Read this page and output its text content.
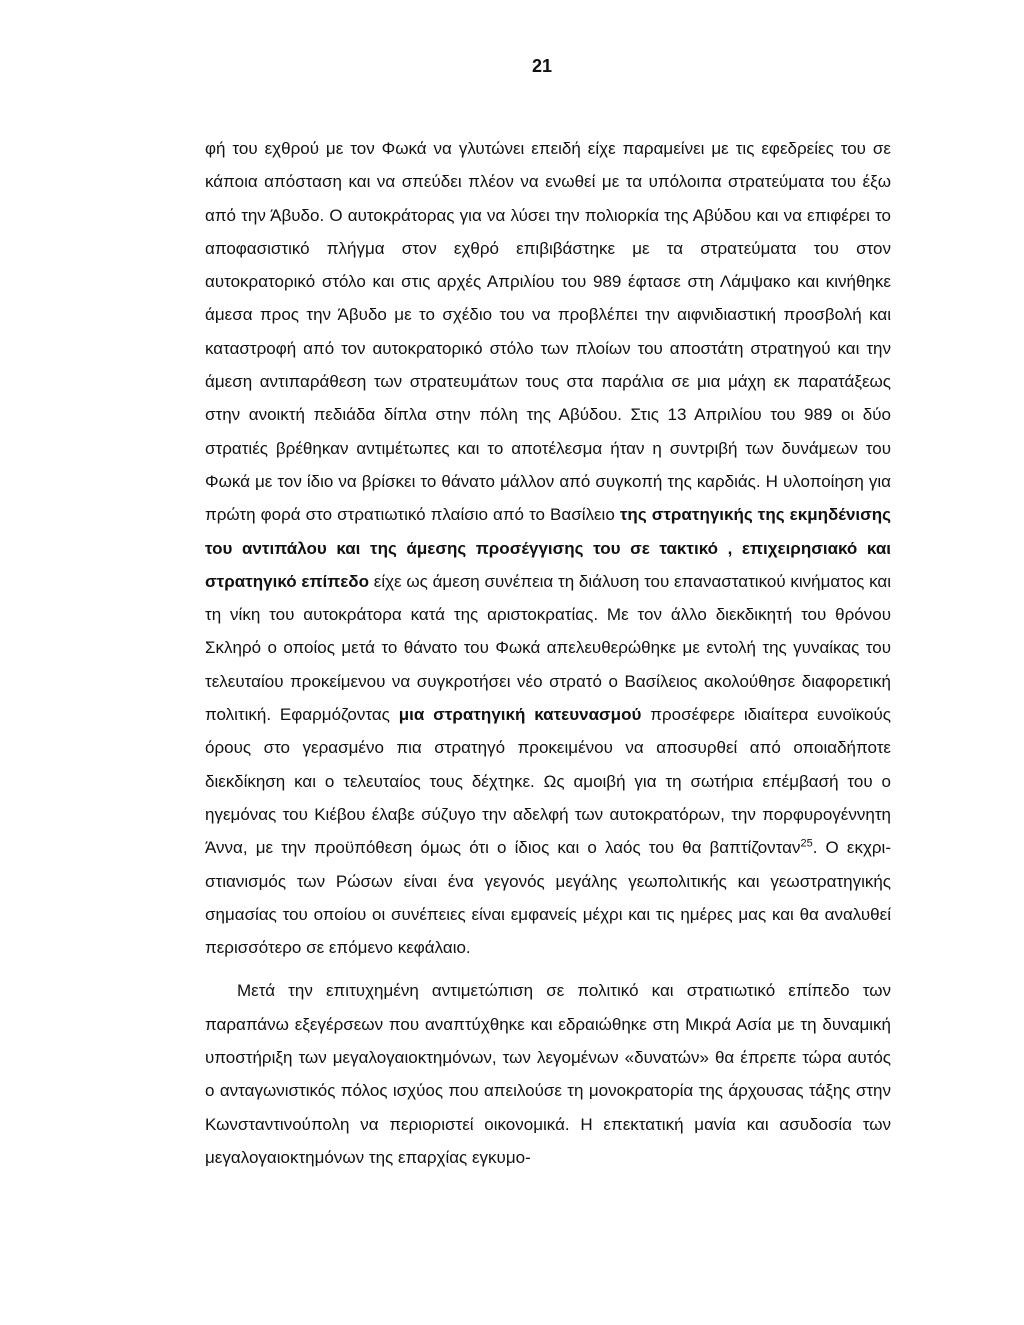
21

φή του εχθρού με τον Φωκά να γλυτώνει επειδή είχε παραμείνει με τις εφεδρείες του σε κάποια απόσταση και να σπεύδει πλέον να ενωθεί με τα υπόλοιπα στρατεύματα του έξω από την Άβυδο. Ο αυτοκράτορας για να λύσει την πολιορκία της Αβύδου και να επιφέρει το αποφασιστικό πλήγμα στον εχθρό επιβιβάστηκε με τα στρατεύματα του στον αυτοκρατορικό στόλο και στις αρχές Απριλίου του 989 έφτασε στη Λάμψακο και κινήθηκε άμεσα προς την Άβυδο με το σχέδιο του να προβλέπει την αιφνιδιαστική προσβολή και καταστροφή από τον αυτοκρατορικό στόλο των πλοίων του αποστάτη στρατηγού και την άμεση αντιπαράθεση των στρατευμάτων τους στα παράλια σε μια μάχη εκ παρατάξεως στην ανοικτή πεδιάδα δίπλα στην πόλη της Αβύδου. Στις 13 Απριλίου του 989 οι δύο στρατιές βρέθηκαν αντιμέτωπες και το αποτέλεσμα ήταν η συντριβή των δυνάμεων του Φωκά με τον ίδιο να βρίσκει το θάνατο μάλλον από συγκοπή της καρδιάς. Η υλοποίηση για πρώτη φορά στο στρατιωτικό πλαίσιο από το Βασίλειο της στρατηγικής της εκμηδένισης του αντιπάλου και της άμεσης προσέγγισης του σε τακτικό , επιχειρησιακό και στρατηγικό επίπεδο είχε ως άμεση συνέπεια τη διάλυση του επαναστατικού κινήματος και τη νίκη του αυτοκράτορα κατά της αριστοκρατίας. Με τον άλλο διεκδικητή του θρόνου Σκληρό ο οποίος μετά το θάνατο του Φωκά απελευθερώθηκε με εντολή της γυναίκας του τελευταίου προκείμενου να συγκροτήσει νέο στρατό ο Βασίλειος ακολούθησε διαφορετική πολιτική. Εφαρμόζοντας μια στρατηγική κατευνασμού προσέφερε ιδιαίτερα ευνοϊκούς όρους στο γερασμένο πια στρατηγό προκειμένου να αποσυρθεί από οποιαδήποτε διεκδίκηση και ο τελευταίος τους δέχτηκε. Ως αμοιβή για τη σωτήρια επέμβασή του ο ηγεμόνας του Κιέβου έλαβε σύζυγο την αδελφή των αυτοκρατόρων, την πορφυρογέννητη Άννα, με την προϋπόθεση όμως ότι ο ίδιος και ο λαός του θα βαπτίζονταν$^{25}$. Ο εκχριστιανισμός των Ρώσων είναι ένα γεγονός μεγάλης γεωπολιτικής και γεωστρατηγικής σημασίας του οποίου οι συνέπειες είναι εμφανείς μέχρι και τις ημέρες μας και θα αναλυθεί περισσότερο σε επόμενο κεφάλαιο.

Μετά την επιτυχημένη αντιμετώπιση σε πολιτικό και στρατιωτικό επίπεδο των παραπάνω εξεγέρσεων που αναπτύχθηκε και εδραιώθηκε στη Μικρά Ασία με τη δυναμική υποστήριξη των μεγαλογαιοκτημόνων, των λεγομένων «δυνατών» θα έπρεπε τώρα αυτός ο ανταγωνιστικός πόλος ισχύος που απειλούσε τη μονοκρατορία της άρχουσας τάξης στην Κωνσταντινούπολη να περιοριστεί οικονομικά. Η επεκτατική μανία και ασυδοσία των μεγαλογαιοκτημόνων της επαρχίας εγκυμο-
